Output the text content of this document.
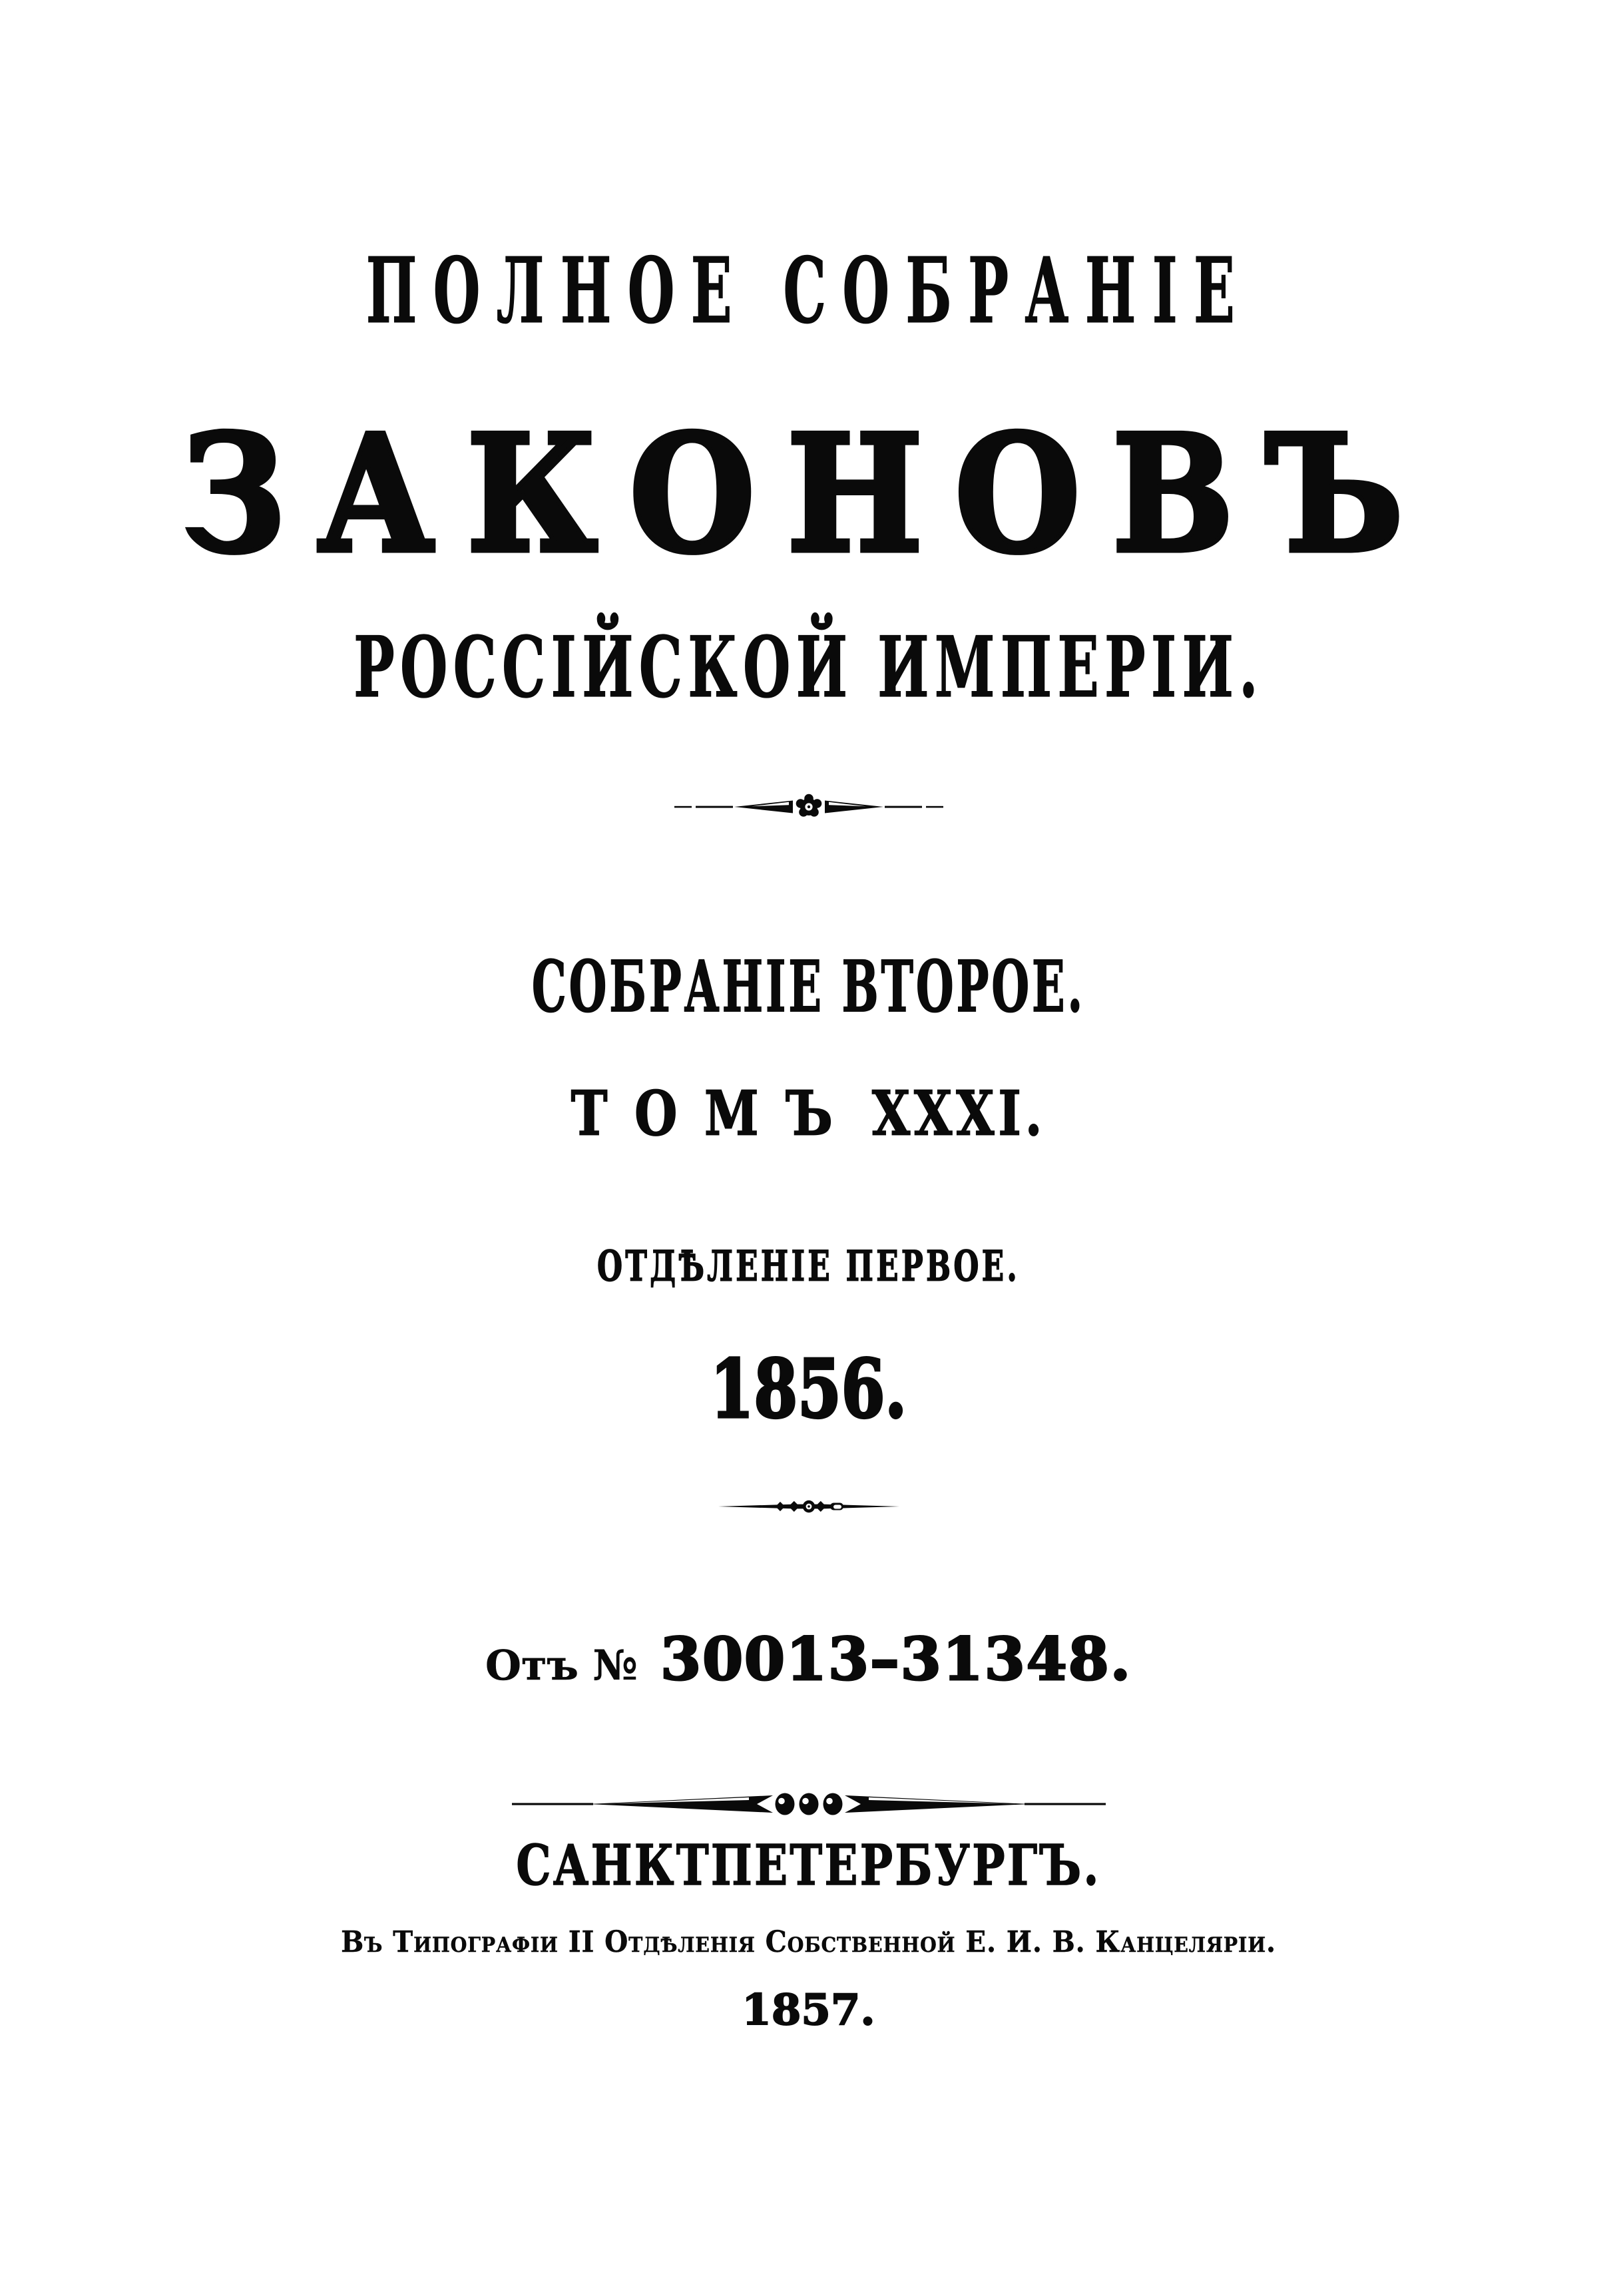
ПОЛНОЕ СОБРАНІЕ
ЗАКОНОВЪ
РОССІЙСКОЙ ИМПЕРІИ.
СОБРАНІЕ ВТОРОЕ.
ТОМЪ XXXI.
ОТДѢЛЕНІЕ ПЕРВОЕ.
1856.
Отъ № 30013–31348.
САНКТПЕТЕРБУРГЪ.
Въ Типографіи II Отдѣленія Собственной Е. И. В. Канцеляріи.
1857.
